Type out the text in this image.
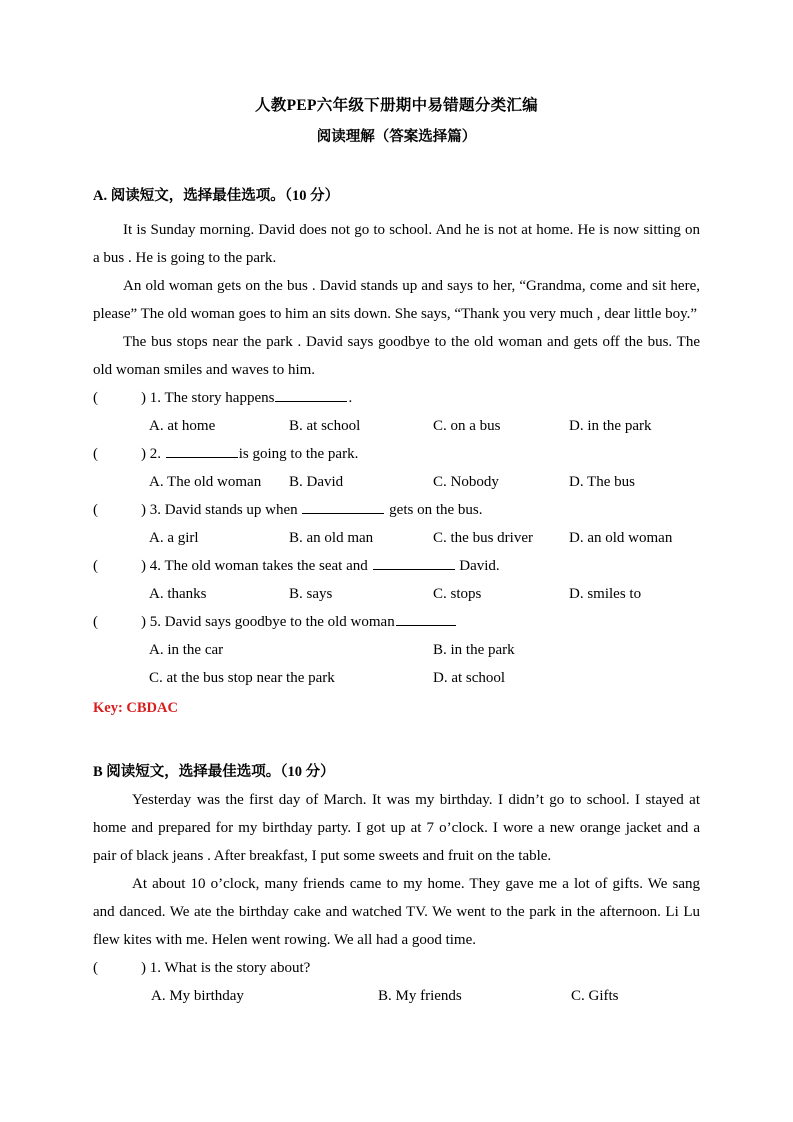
人教PEP六年级下册期中易错题分类汇编
阅读理解（答案选择篇）

A. 阅读短文，选择最佳选项。（10 分）

It is Sunday morning. David does not go to school. And he is not at home. He is now sitting on a bus . He is going to the park.

An old woman gets on the bus . David stands up and says to her, “Grandma, come and sit here, please” The old woman goes to him an sits down. She says, “Thank you very much , dear little boy.”

The bus stops near the park . David says goodbye to the old woman and gets off the bus. The old woman smiles and waves to him.

(	) 1. The story happens	.

A. at home	B. at school	C. on a bus	D. in the park

(	) 2.	is going to the park.

A. The old woman B. David	C. Nobody	D. The bus

(	) 3. David stands up when	gets on the bus.

A. a girl	B. an old man	C. the bus driver D. an old woman

(	) 4. The old woman takes the seat and	David.

A. thanks	B. says	C. stops	D. smiles to

(	) 5. David says goodbye to the old woman

A. in the car	B. in the park
C. at the bus stop near the park	D. at school

Key: CBDAC

B 阅读短文，选择最佳选项。（10 分）

Yesterday was the first day of March. It was my birthday. I didn’t go to school. I stayed at home and prepared for my birthday party. I got up at 7 o’clock. I wore a new orange jacket and a pair of black jeans . After breakfast, I put some sweets and fruit on the table.

At about 10 o’clock, many friends came to my home. They gave me a lot of gifts. We sang and danced. We ate the birthday cake and watched TV. We went to the park in the afternoon. Li Lu flew kites with me. Helen went rowing. We all had a good time.

(	) 1. What is the story about?

A. My birthday	B. My friends	C. Gifts
